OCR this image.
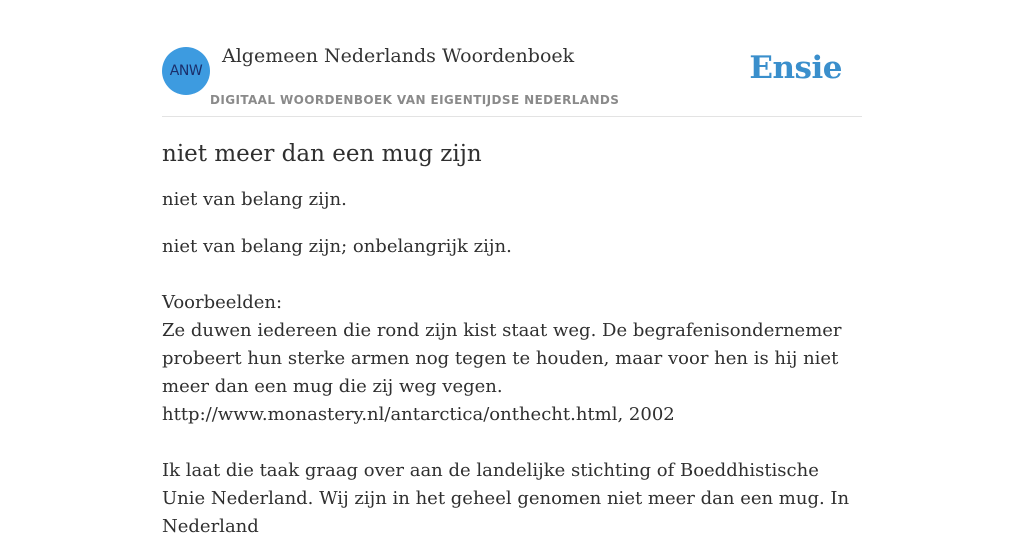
ANW
Algemeen Nederlands Woordenboek
DIGITAAL WOORDENBOEK VAN EIGENTIJDSE NEDERLANDS
Ensie
niet meer dan een mug zijn

niet van belang zijn.

niet van belang zijn; onbelangrijk zijn.

Voorbeelden:

Ze duwen iedereen die rond zijn kist staat weg. De begrafenisondernemer probeert hun sterke armen nog tegen te houden, maar voor hen is hij niet meer dan een mug die zij weg vegen.

http://www.monastery.nl/antarctica/onthecht.html, 2002

Ik laat die taak graag over aan de landelijke stichting of Boeddhistische Unie Nederland. Wij zijn in het geheel genomen niet meer dan een mug. In Nederland
